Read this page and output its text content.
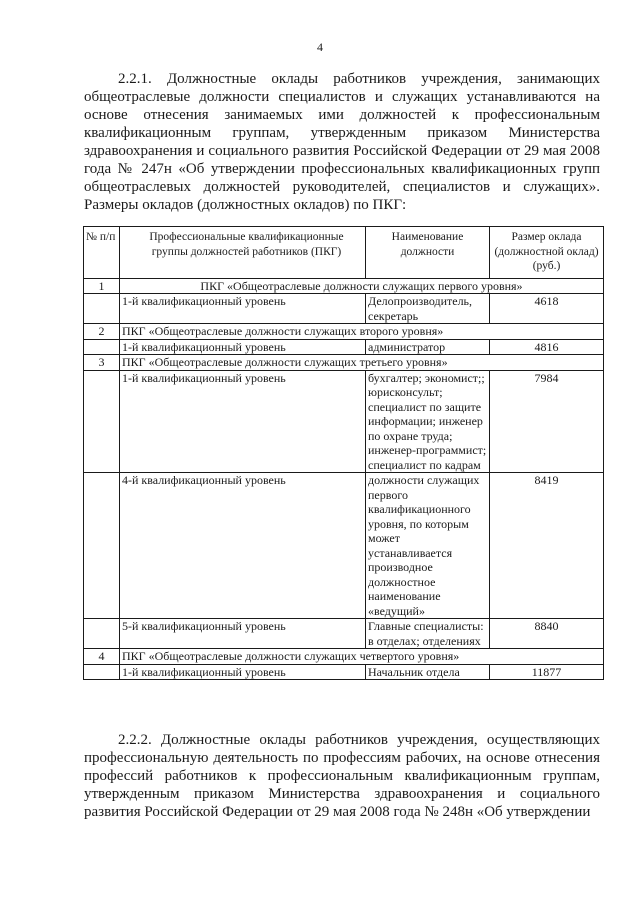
4

2.2.1. Должностные оклады работников учреждения, занимающих общеотраслевые должности специалистов и служащих устанавливаются на основе отнесения занимаемых ими должностей к профессиональным квалификационным группам, утвержденным приказом Министерства здравоохранения и социального развития Российской Федерации от 29 мая 2008 года № 247н «Об утверждении профессиональных квалификационных групп общеотраслевых должностей руководителей, специалистов и служащих». Размеры окладов (должностных окладов) по ПКГ:

№ п/п	Профессиональные квалификационные группы должностей работников (ПКГ)	Наименование должности	Размер оклада (должностной оклад) (руб.)
1	ПКГ «Общеотраслевые должности служащих первого уровня»		
	1-й квалификационный уровень	Делопроизводитель, секретарь	4618
2	ПКГ «Общеотраслевые должности служащих второго уровня»		
	1-й квалификационный уровень	администратор	4816
3	ПКГ «Общеотраслевые должности служащих третьего уровня»		
	1-й квалификационный уровень	бухгалтер; экономист;; юрисконсульт; специалист по защите информации; инженер по охране труда; инженер-программист; специалист по кадрам	7984
	4-й квалификационный уровень	должности служащих первого квалификационного уровня, по которым может устанавливается производное должностное наименование «ведущий»	8419
	5-й квалификационный уровень	Главные специалисты: в отделах; отделениях	8840
4	ПКГ «Общеотраслевые должности служащих четвертого уровня»		
	1-й квалификационный уровень	Начальник отдела	11877

2.2.2. Должностные оклады работников учреждения, осуществляющих профессиональную деятельность по профессиям рабочих, на основе отнесения профессий работников к профессиональным квалификационным группам, утвержденным приказом Министерства здравоохранения и социального развития Российской Федерации от 29 мая 2008 года № 248н «Об утверждении
